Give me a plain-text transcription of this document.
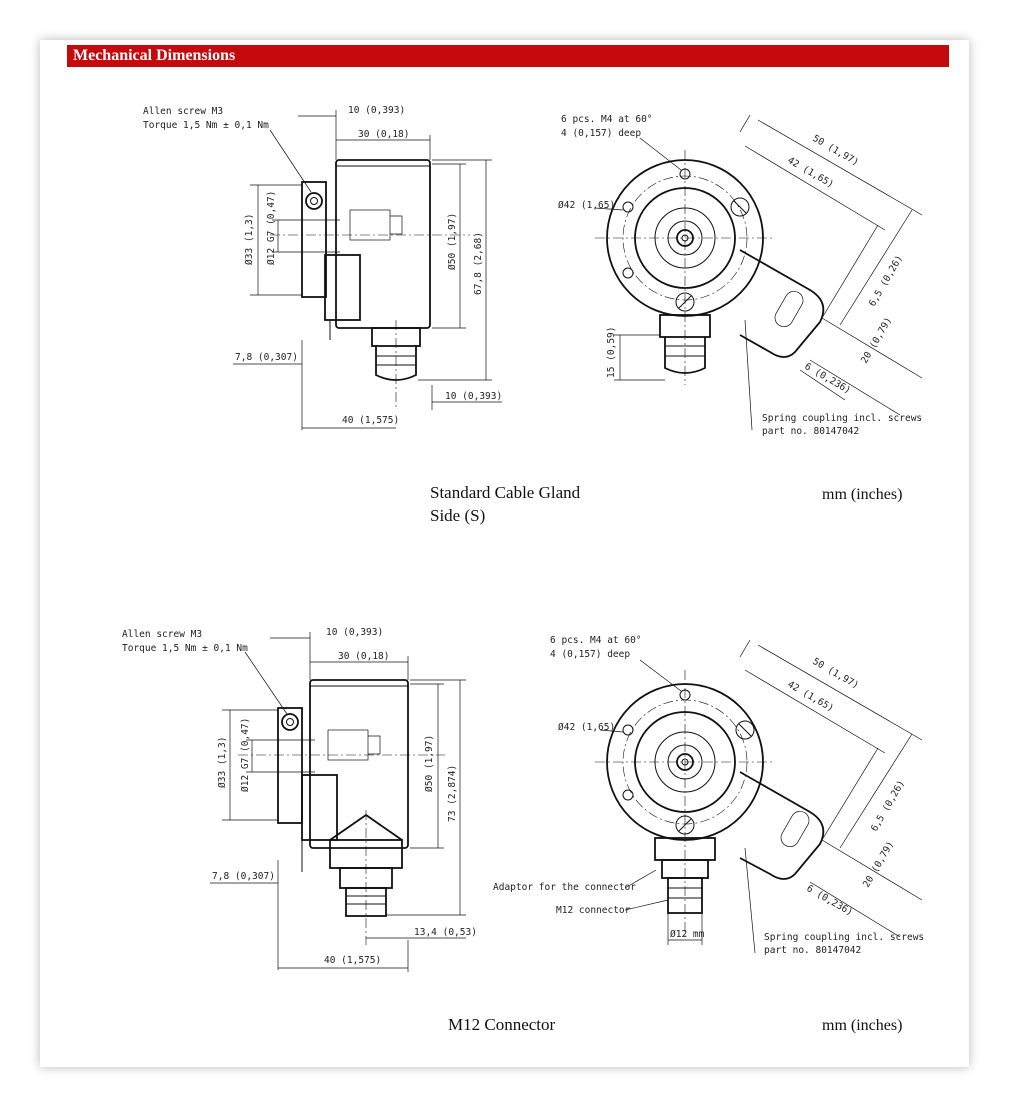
Mechanical Dimensions
Allen screw M3
Torque 1,5 Nm ± 0,1 Nm
10 (0,393)
30 (0,18)
Ø33 (1,3) Ø12 G7 (0,47)	Ø50 (1,97) 67,8 (2,68)
7,8 (0,307)
10 (0,393)
40 (1,575)
6 pcs. M4 at 60°
4 (0,157) deep
Ø42 (1,65)
50 (1,97)
42 (1,65)
6,5 (0,26)
20 (0,79)
6 (0,236)
15 (0,59)
Spring coupling incl. screws
part no. 80147042
Allen screw M3
Torque 1,5 Nm ± 0,1 Nm
10 (0,393)
30 (0,18)
Ø33 (1,3) Ø12 G7 (0,47)	Ø50 (1,97)
73 (2,874)
7,8 (0,307)
13,4 (0,53)
40 (1,575)
6 pcs. M4 at 60°
4 (0,157) deep
Ø42 (1,65)
50 (1,97)
42 (1,65)
6,5 (0,26)
20 (0,79)
6 (0,236)
Adaptor for the connector
M12 connector
Ø12 mm	Spring coupling incl. screws
part no. 80147042
Standard Cable Gland
Side (S)
mm (inches)
M12 Connector	mm (inches)
